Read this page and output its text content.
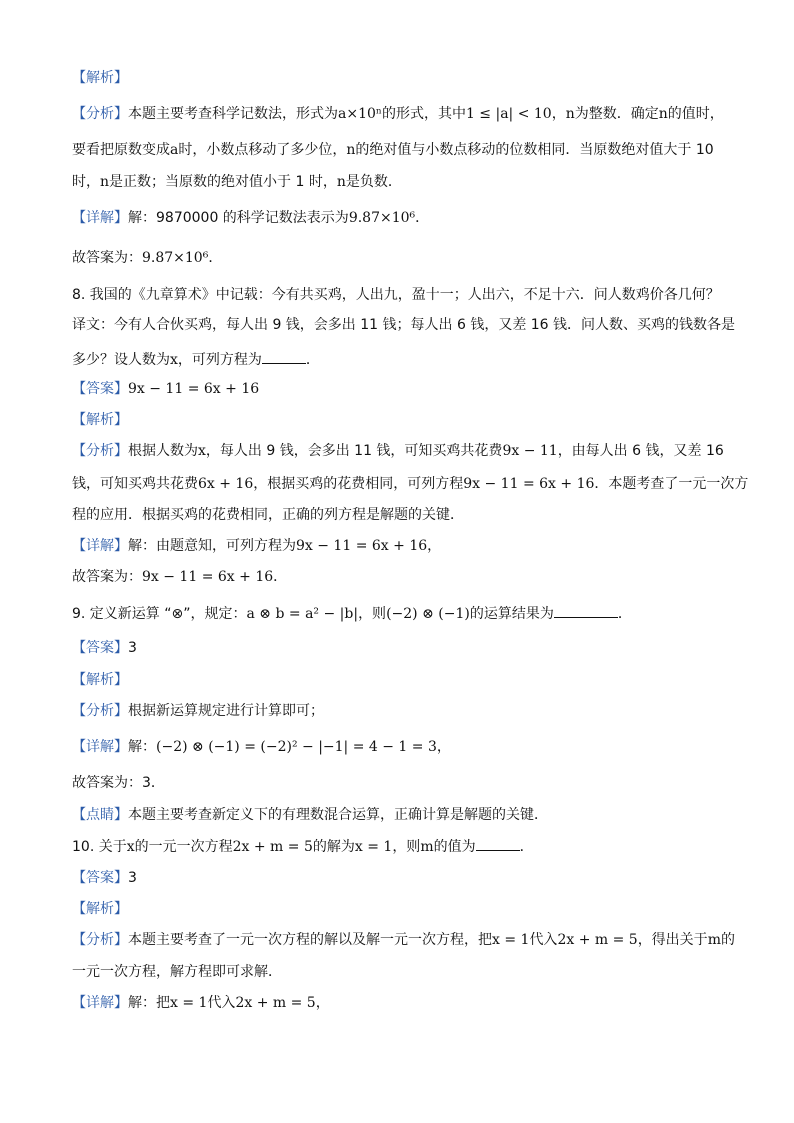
【解析】
【分析】本题主要考查科学记数法，形式为a×10ⁿ的形式，其中1 ≤ |a| < 10，n为整数．确定n的值时，
要看把原数变成a时，小数点移动了多少位，n的绝对值与小数点移动的位数相同．当原数绝对值大于 10
时，n是正数；当原数的绝对值小于 1 时，n是负数．
【详解】解：9870000 的科学记数法表示为9.87×10⁶．
故答案为：9.87×10⁶．
8. 我国的《九章算术》中记载：今有共买鸡，人出九，盈十一；人出六，不足十六．问人数鸡价各几何？
译文：今有人合伙买鸡，每人出 9 钱，会多出 11 钱；每人出 6 钱，又差 16 钱．问人数、买鸡的钱数各是
多少？设人数为x，可列方程为	．
【答案】9x − 11 = 6x + 16
【解析】
【分析】根据人数为x，每人出 9 钱，会多出 11 钱，可知买鸡共花费9x − 11，由每人出 6 钱，又差 16
钱，可知买鸡共花费6x + 16，根据买鸡的花费相同，可列方程9x − 11 = 6x + 16．本题考查了一元一次方
程的应用．根据买鸡的花费相同，正确的列方程是解题的关键．
【详解】解：由题意知，可列方程为9x − 11 = 6x + 16，
故答案为：9x − 11 = 6x + 16．
9. 定义新运算 “⊗”，规定：a ⊗ b = a² − |b|，则(−2) ⊗ (−1)的运算结果为	．
【答案】3
【解析】
【分析】根据新运算规定进行计算即可；
【详解】解：(−2) ⊗ (−1) = (−2)² − |−1| = 4 − 1 = 3，
故答案为：3．
【点睛】本题主要考查新定义下的有理数混合运算，正确计算是解题的关键．
10. 关于x的一元一次方程2x + m = 5的解为x = 1，则m的值为	．
【答案】3
【解析】
【分析】本题主要考查了一元一次方程的解以及解一元一次方程，把x = 1代入2x + m = 5，得出关于m的
一元一次方程，解方程即可求解．
【详解】解：把x = 1代入2x + m = 5，
